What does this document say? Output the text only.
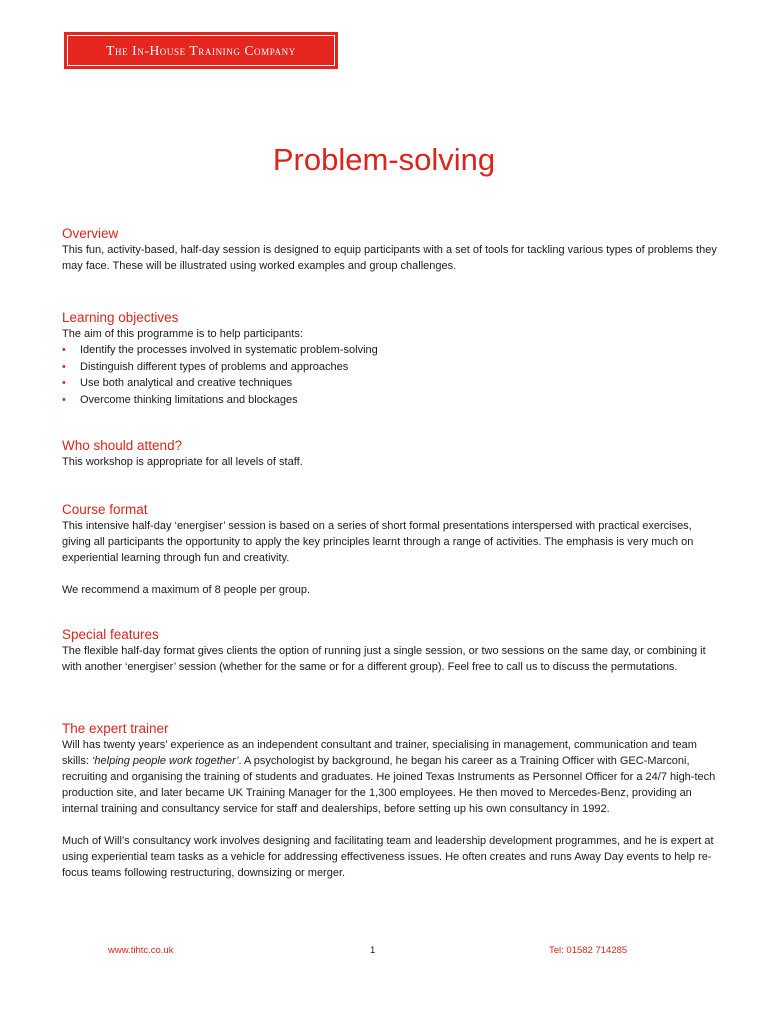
The In-House Training Company
Problem-solving
Overview

This fun, activity-based, half-day session is designed to equip participants with a set of tools for tackling various types of problems they may face. These will be illustrated using worked examples and group challenges.

Learning objectives

The aim of this programme is to help participants:

• Identify the processes involved in systematic problem-solving
• Distinguish different types of problems and approaches
• Use both analytical and creative techniques
• Overcome thinking limitations and blockages
Who should attend?

This workshop is appropriate for all levels of staff.

Course format

This intensive half-day ‘energiser’ session is based on a series of short formal presentations interspersed with practical exercises, giving all participants the opportunity to apply the key principles learnt through a range of activities. The emphasis is very much on experiential learning through fun and creativity.

We recommend a maximum of 8 people per group.

Special features

The flexible half-day format gives clients the option of running just a single session, or two sessions on the same day, or combining it with another ‘energiser’ session (whether for the same or for a different group). Feel free to call us to discuss the permutations.

The expert trainer

Will has twenty years’ experience as an independent consultant and trainer, specialising in management, communication and team skills: ‘helping people work together’. A psychologist by background, he began his career as a Training Officer with GEC-Marconi, recruiting and organising the training of students and graduates. He joined Texas Instruments as Personnel Officer for a 24/7 high-tech production site, and later became UK Training Manager for the 1,300 employees. He then moved to Mercedes-Benz, providing an internal training and consultancy service for staff and dealerships, before setting up his own consultancy in 1992.

Much of Will’s consultancy work involves designing and facilitating team and leadership development programmes, and he is expert at using experiential team tasks as a vehicle for addressing effectiveness issues. He often creates and runs Away Day events to help re-focus teams following restructuring, downsizing or merger.

www.tihtc.co.uk	1	Tel: 01582 714285
